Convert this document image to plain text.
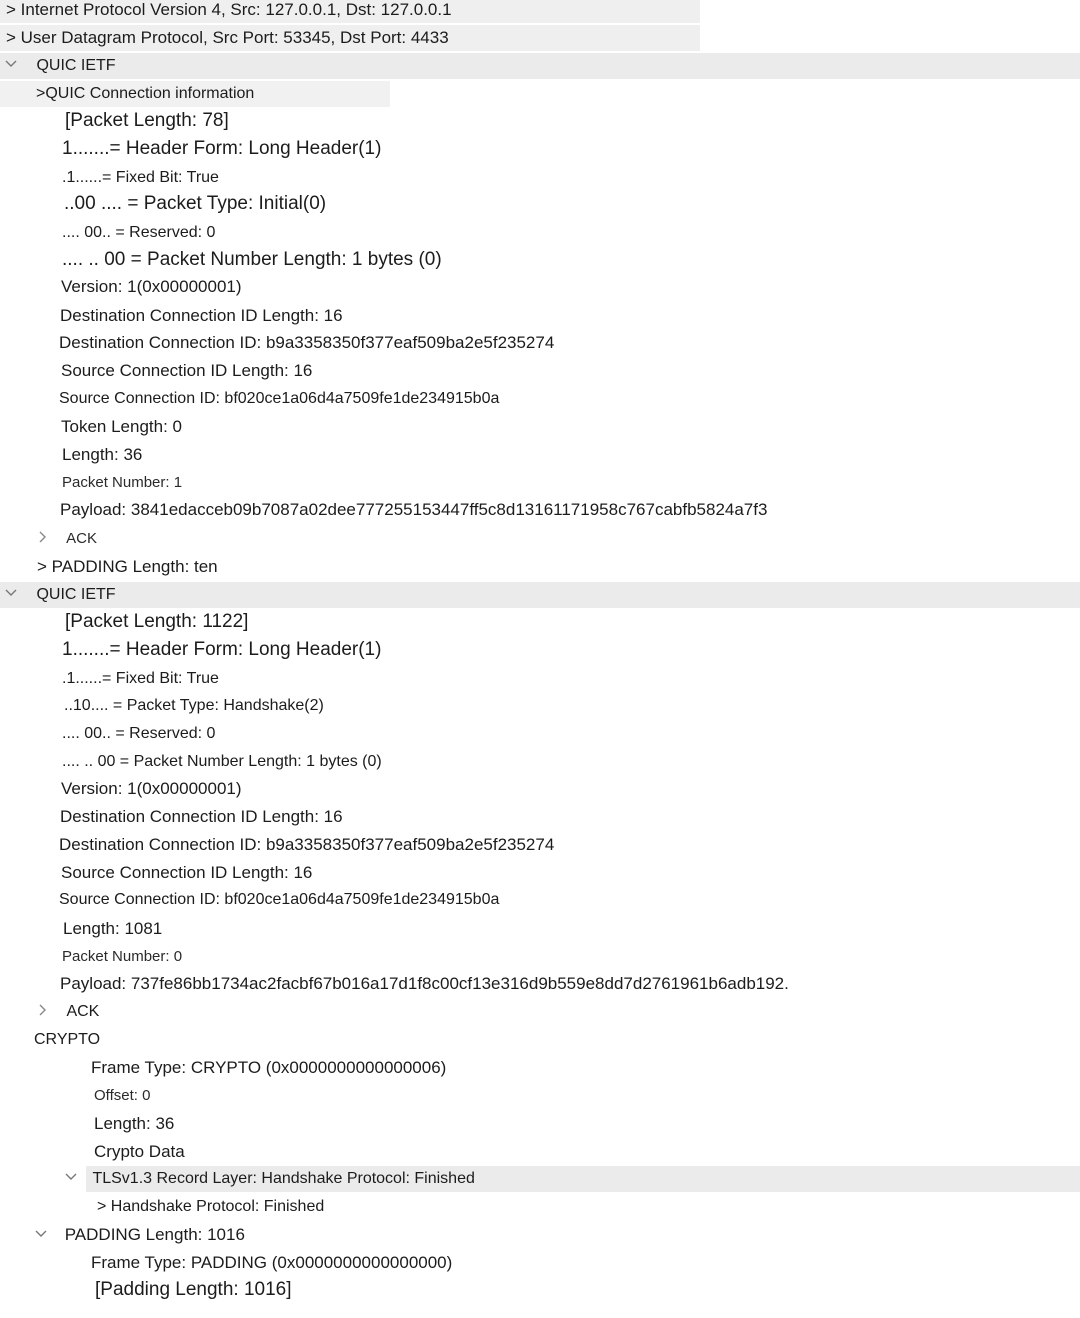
> Internet Protocol Version 4, Src: 127.0.0.1, Dst: 127.0.0.1
> User Datagram Protocol, Src Port: 53345, Dst Port: 4433
QUIC IETF
>QUIC Connection information
[Packet Length: 78]
1.......= Header Form: Long Header(1)
.1......= Fixed Bit: True
..00 .... = Packet Type: Initial(0)
.... 00.. = Reserved: 0
.... .. 00 = Packet Number Length: 1 bytes (0)
Version: 1(0x00000001)
Destination Connection ID Length: 16
Destination Connection ID: b9a3358350f377eaf509ba2e5f235274
Source Connection ID Length: 16
Source Connection ID: bf020ce1a06d4a7509fe1de234915b0a
Token Length: 0
Length: 36
Packet Number: 1
Payload: 3841edacceb09b7087a02dee777255153447ff5c8d13161171958c767cabfb5824a7f3
ACK
> PADDING Length: ten
QUIC IETF
[Packet Length: 1122]
1.......= Header Form: Long Header(1)
.1......= Fixed Bit: True
..10.... = Packet Type: Handshake(2)
.... 00.. = Reserved: 0
.... .. 00 = Packet Number Length: 1 bytes (0)
Version: 1(0x00000001)
Destination Connection ID Length: 16
Destination Connection ID: b9a3358350f377eaf509ba2e5f235274
Source Connection ID Length: 16
Source Connection ID: bf020ce1a06d4a7509fe1de234915b0a
Length: 1081
Packet Number: 0
Payload: 737fe86bb1734ac2facbf67b016a17d1f8c00cf13e316d9b559e8dd7d2761961b6adb192.
ACK
CRYPTO
Frame Type: CRYPTO (0x0000000000000006)
Offset: 0
Length: 36
Crypto Data
TLSv1.3 Record Layer: Handshake Protocol: Finished
> Handshake Protocol: Finished
PADDING Length: 1016
Frame Type: PADDING (0x0000000000000000)
[Padding Length: 1016]
